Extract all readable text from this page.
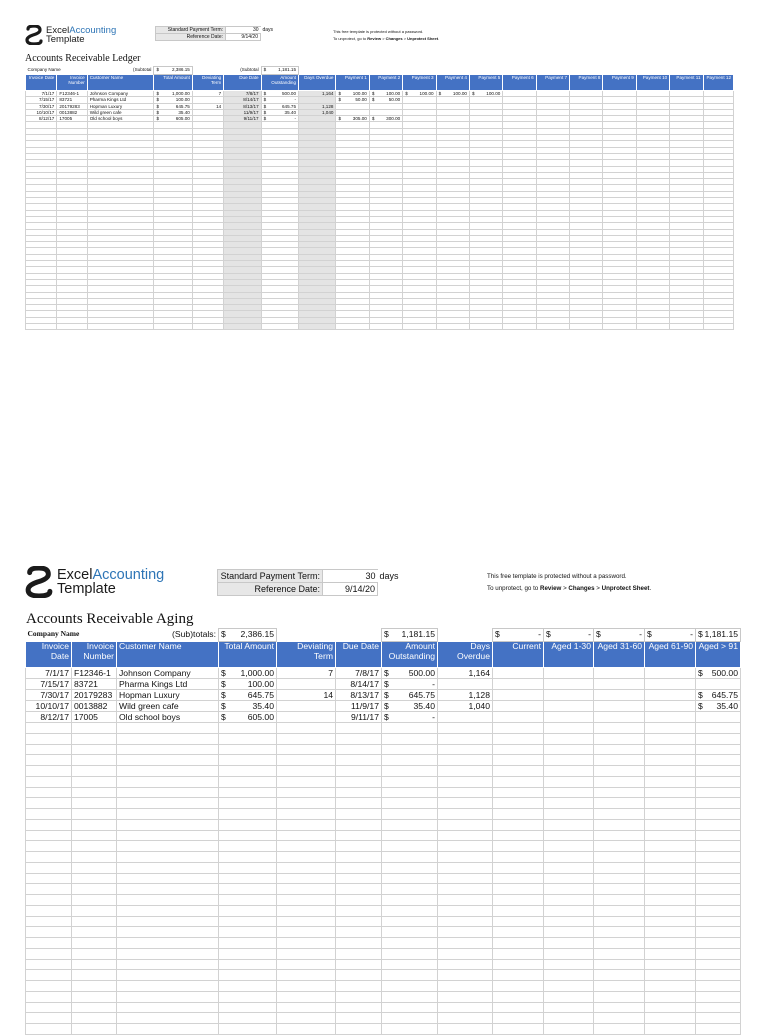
ExcelAccounting
Template
Standard Payment Term:	30	days
Reference Date:	9/14/20	
This free template is protected without a password.
To unprotect, go to Review > Changes > Unprotect Sheet.
Accounts Receivable Ledger
Company Name		(Subtotal	$ 2,386.15		(Subtotal	$ 1,181.15													

Invoice Date	Invoice Number	Customer Name	Total Amount	Deviating Term	Due Date	Amount Outstanding	Days Overdue	Payment 1	Payment 2	Payment 3	Payment 4	Payment 5	Payment 6	Payment 7	Payment 8	Payment 9	Payment 10	Payment 11	Payment 12
7/1/17	F12346-1	Johnson Company	$ 1,000.00	7	7/8/17	$ 500.00	1,164	$ 100.00	$ 100.00	$ 100.00	$ 100.00	$ 100.00							

7/15/17	83721	Pharma Kings Ltd	$ 100.00		8/14/17	$ -		$ 50.00	$ 50.00										

7/30/17	20179283	Hopman Luxury	$ 645.75	14	8/13/17	$ 645.75	1,128												
10/10/17	0013882	Wild green cafe	$ 35.40		11/9/17	$ 35.40	1,040												
8/12/17	17005	Old school boys	$ 605.00		9/11/17	$ -		$ 305.00	$ 300.00										

ExcelAccounting
Template
Standard Payment Term:	30	days
Reference Date:	9/14/20	
This free template is protected without a password.
To unprotect, go to Review > Changes > Unprotect Sheet.
Accounts Receivable Aging
Company Name		(Sub)totals:	$ 2,386.15			$ 1,181.15		$ -	$ -	$ -	$ -	$ 1,181.15

Invoice Date	Invoice Number	Customer Name	Total Amount	Deviating Term	Due Date	Amount Outstanding	Days Overdue	Current	Aged 1-30	Aged 31-60	Aged 61-90	Aged > 91
7/1/17	F12346-1	Johnson Company	$ 1,000.00	7	7/8/17	$ 500.00	1,164					$ 500.00

7/15/17	83721	Pharma Kings Ltd	$ 100.00		8/14/17	$ -						

7/30/17	20179283	Hopman Luxury	$ 645.75	14	8/13/17	$ 645.75	1,128					$ 645.75

10/10/17	0013882	Wild green cafe	$ 35.40		11/9/17	$ 35.40	1,040					$ 35.40

8/12/17	17005	Old school boys	$ 605.00		9/11/17	$ -						
